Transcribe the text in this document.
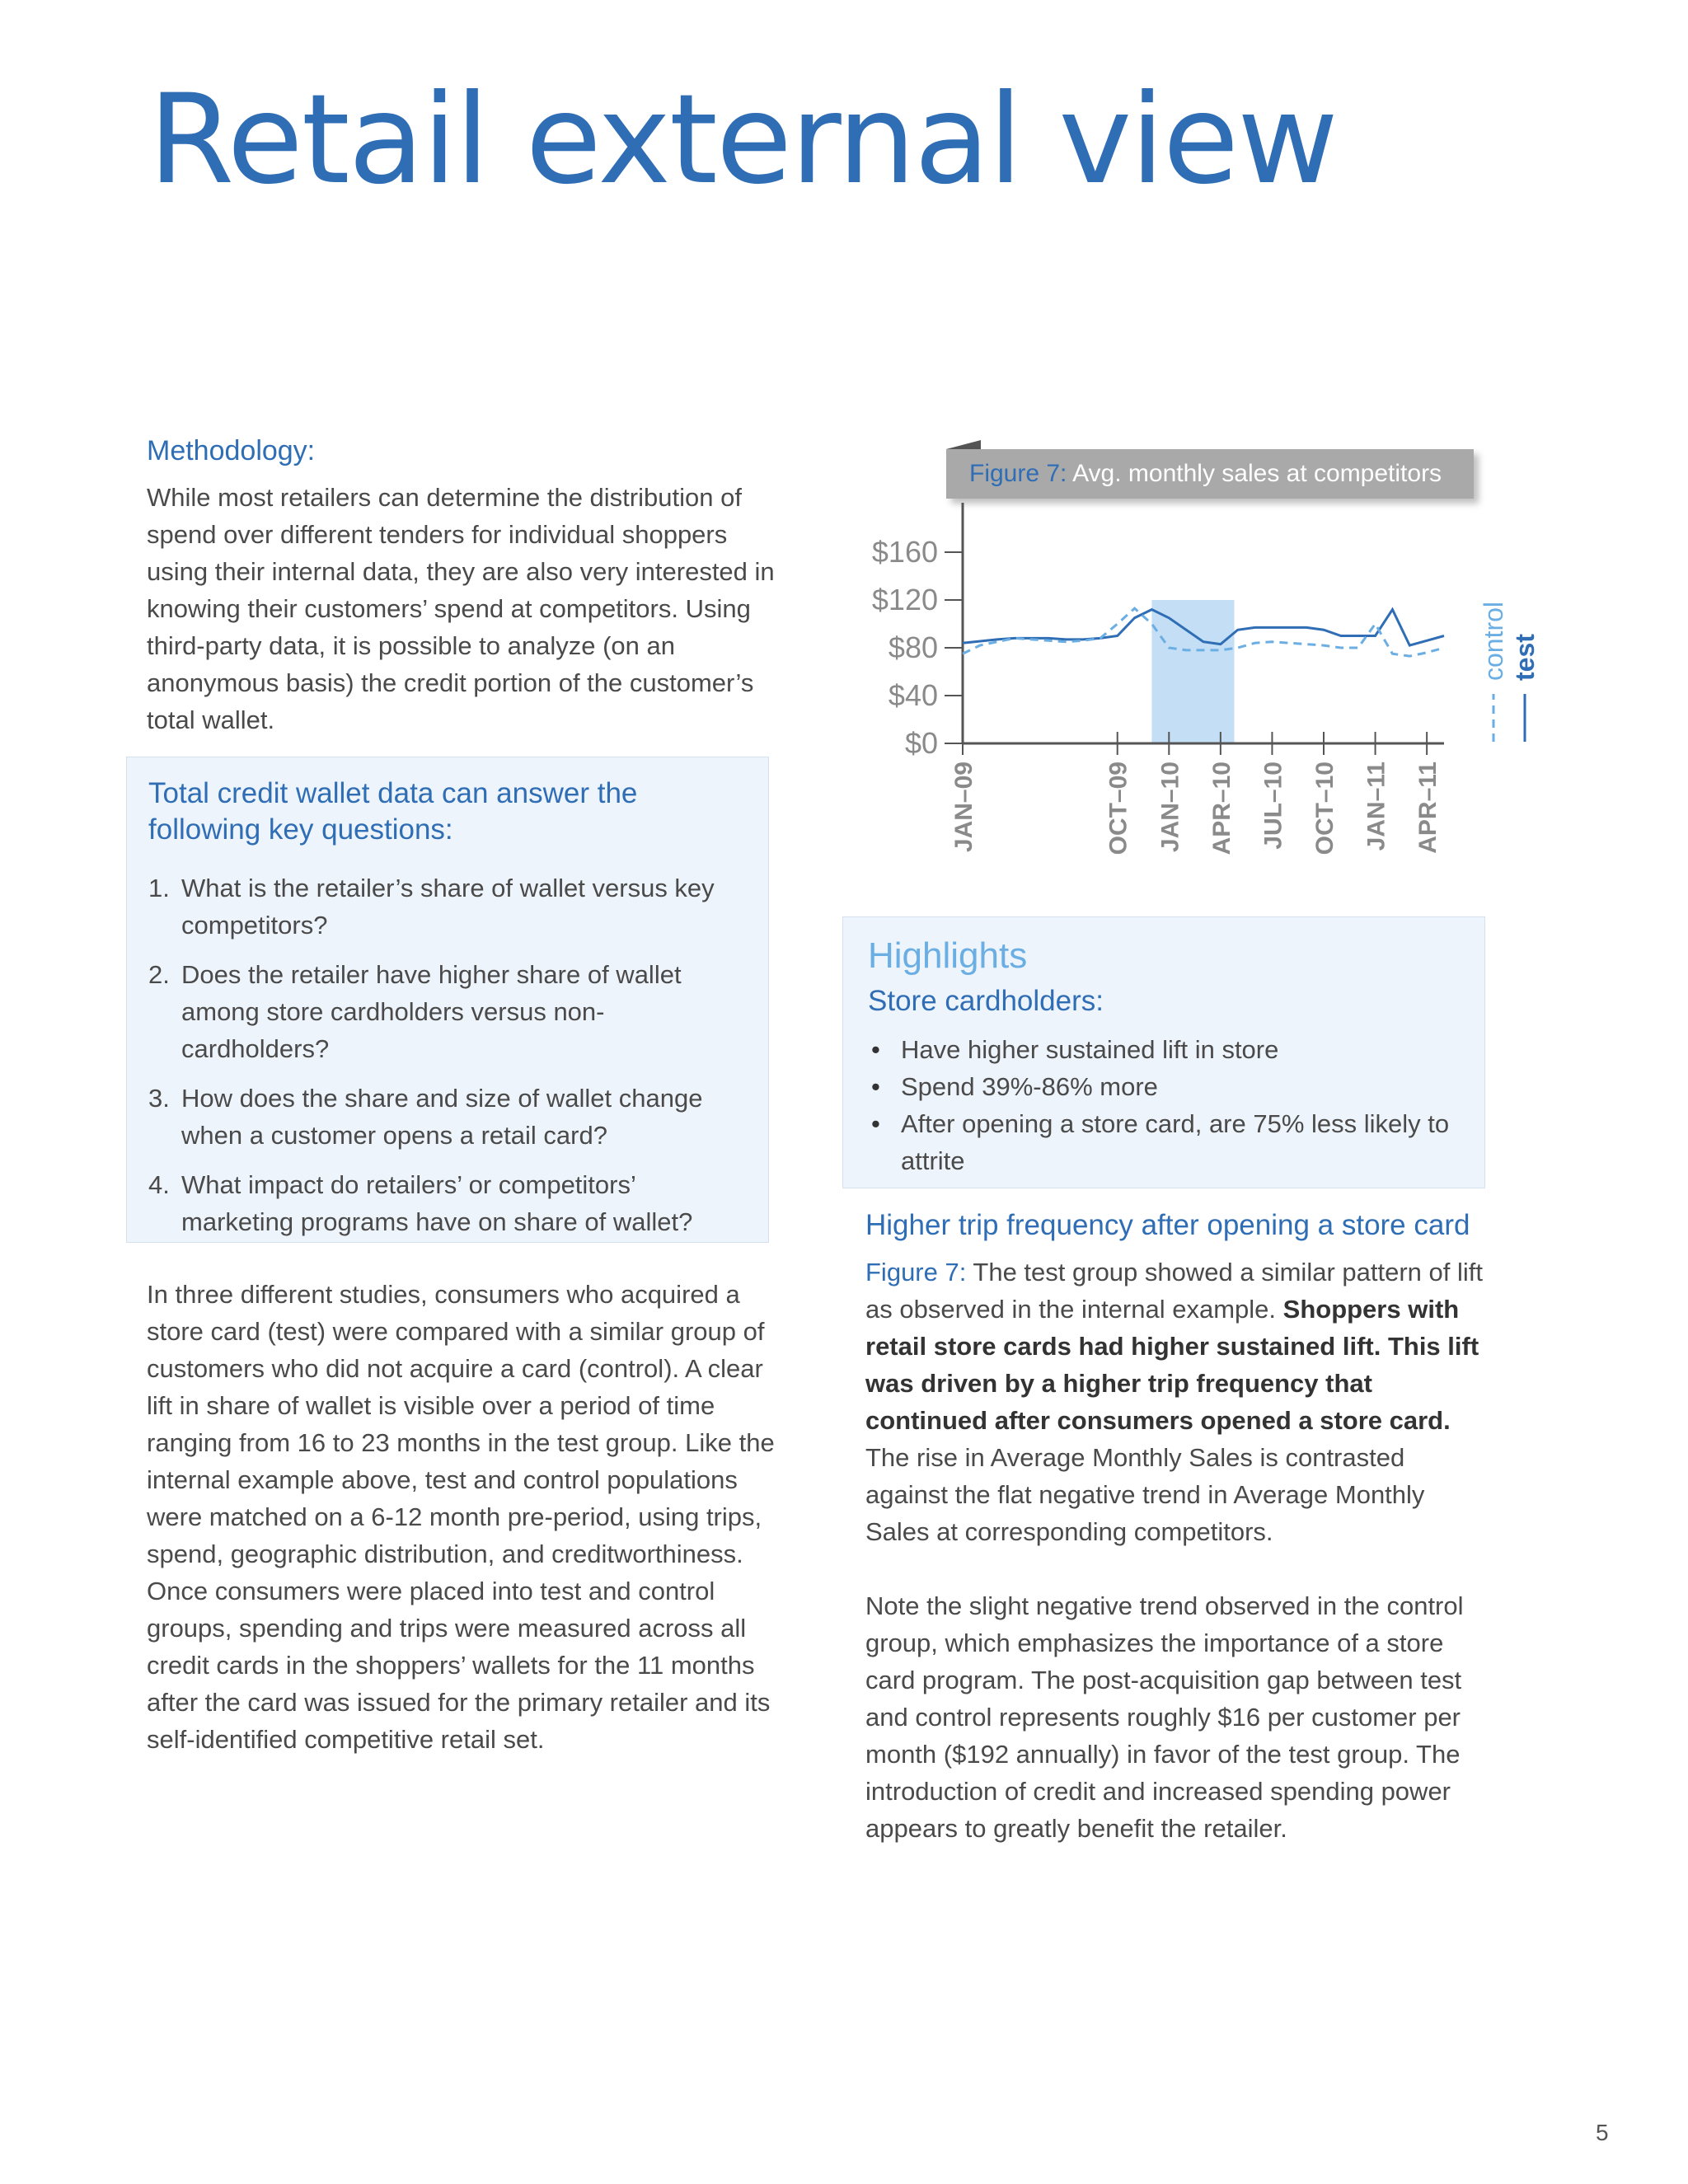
Retail external view
Methodology:

While most retailers can determine the distribution of spend over different tenders for individual shoppers using their internal data, they are also very interested in knowing their customers’ spend at competitors. Using third-party data, it is possible to analyze (on an anonymous basis) the credit portion of the customer’s total wallet.

Total credit wallet data can answer the following key questions:
1. What is the retailer’s share of wallet versus key competitors?
2. Does the retailer have higher share of wallet among store cardholders versus non-cardholders?
3. How does the share and size of wallet change when a customer opens a retail card?
4. What impact do retailers’ or competitors’ marketing programs have on share of wallet?

In three different studies, consumers who acquired a store card (test) were compared with a similar group of customers who did not acquire a card (control). A clear lift in share of wallet is visible over a period of time ranging from 16 to 23 months in the test group. Like the internal example above, test and control populations were matched on a 6-12 month pre-period, using trips, spend, geographic distribution, and creditworthiness. Once consumers were placed into test and control groups, spending and trips were measured across all credit cards in the shoppers’ wallets for the 11 months after the card was issued for the primary retailer and its self-identified competitive retail set.

Figure 7: Avg. monthly sales at competitors
$160
$120
$80
$40
$0
JAN–09	OCT–09 JAN–10 APR–10 JUL–10 OCT–10 JAN–11 APR–11
control test
Highlights
Store cardholders:
• Have higher sustained lift in store
• Spend 39%-86% more
• After opening a store card, are 75% less likely to attrite
Higher trip frequency after opening a store card

Figure 7: The test group showed a similar pattern of lift as observed in the internal example. Shoppers with retail store cards had higher sustained lift. This lift was driven by a higher trip frequency that continued after consumers opened a store card. The rise in Average Monthly Sales is contrasted against the flat negative trend in Average Monthly Sales at corresponding competitors.

Note the slight negative trend observed in the control group, which emphasizes the importance of a store card program. The post-acquisition gap between test and control represents roughly $16 per customer per month ($192 annually) in favor of the test group. The introduction of credit and increased spending power appears to greatly benefit the retailer.

5
